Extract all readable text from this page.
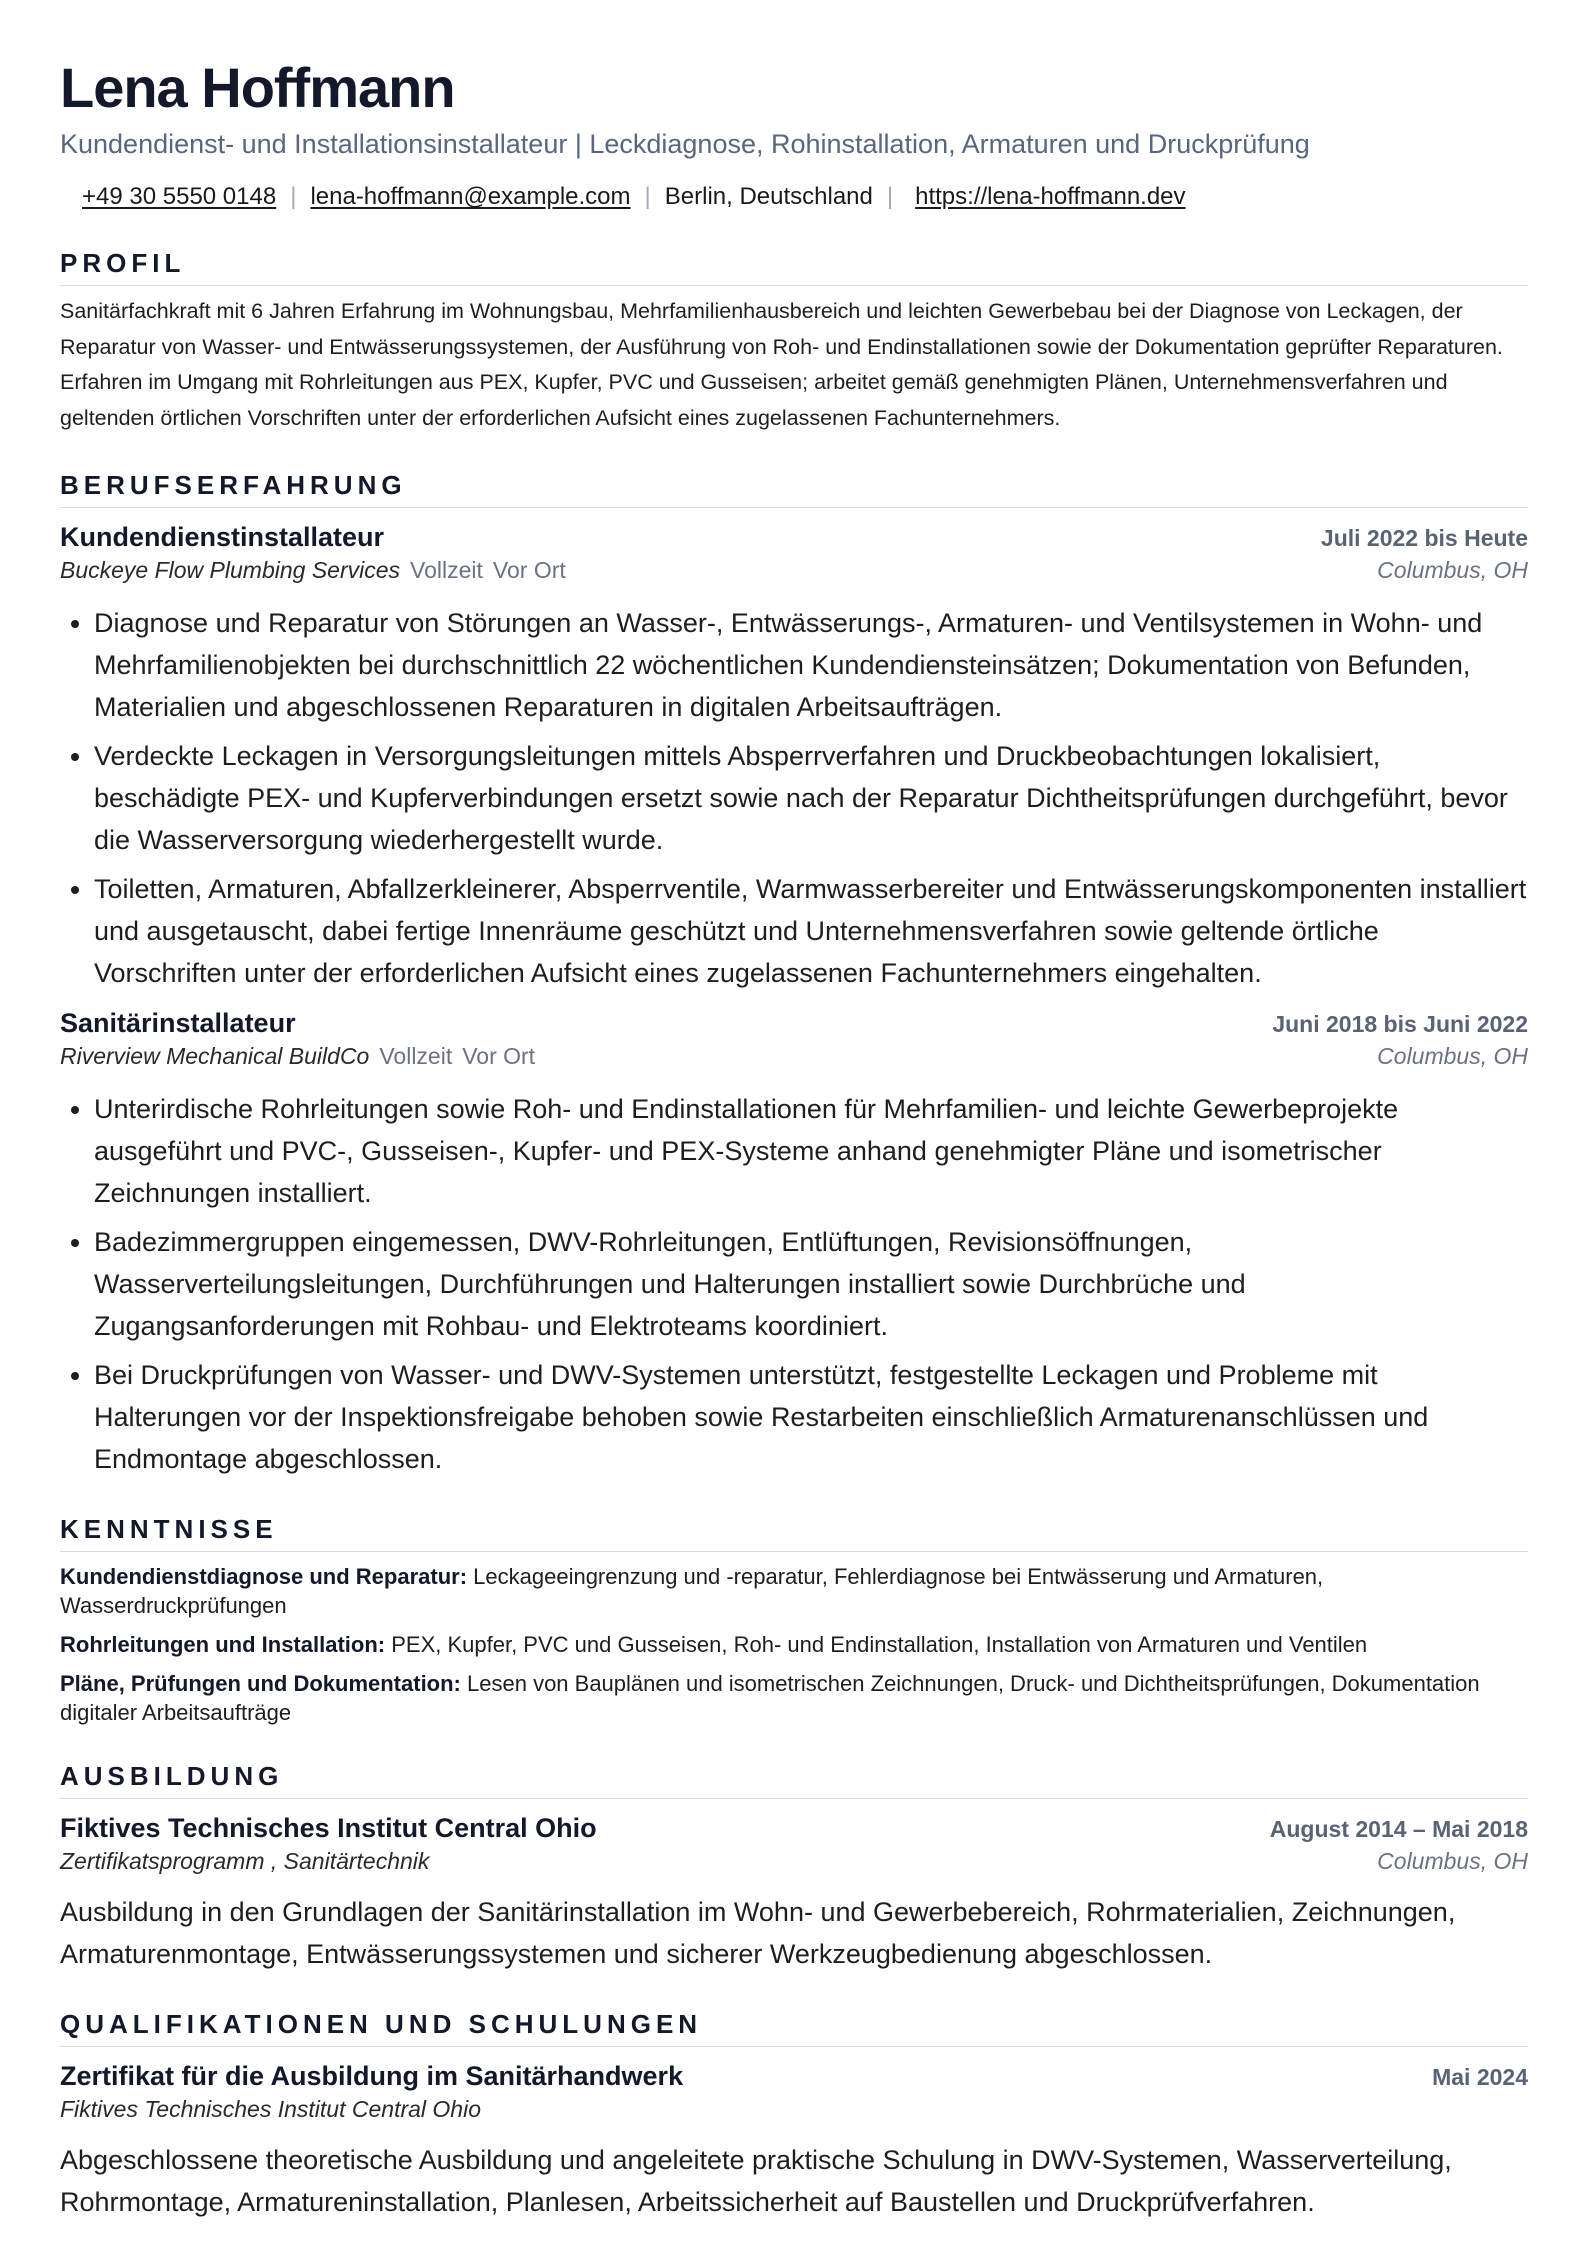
Lena Hoffmann
Kundendienst- und Installationsinstallateur | Leckdiagnose, Rohinstallation, Armaturen und Druckprüfung
+49 30 5550 0148 | lena-hoffmann@example.com | Berlin, Deutschland | https://lena-hoffmann.dev
PROFIL
Sanitärfachkraft mit 6 Jahren Erfahrung im Wohnungsbau, Mehrfamilienhausbereich und leichten Gewerbebau bei der Diagnose von Leckagen, der Reparatur von Wasser- und Entwässerungssystemen, der Ausführung von Roh- und Endinstallationen sowie der Dokumentation geprüfter Reparaturen. Erfahren im Umgang mit Rohrleitungen aus PEX, Kupfer, PVC und Gusseisen; arbeitet gemäß genehmigten Plänen, Unternehmensverfahren und geltenden örtlichen Vorschriften unter der erforderlichen Aufsicht eines zugelassenen Fachunternehmers.
BERUFSERFAHRUNG
Kundendienstinstallateur	Juli 2022 bis Heute
Buckeye Flow Plumbing Services Vollzeit Vor Ort	Columbus, OH
• Diagnose und Reparatur von Störungen an Wasser-, Entwässerungs-, Armaturen- und Ventilsystemen in Wohn- und Mehrfamilienobjekten bei durchschnittlich 22 wöchentlichen Kundendiensteinsätzen; Dokumentation von Befunden, Materialien und abgeschlossenen Reparaturen in digitalen Arbeitsaufträgen.
• Verdeckte Leckagen in Versorgungsleitungen mittels Absperrverfahren und Druckbeobachtungen lokalisiert, beschädigte PEX- und Kupferverbindungen ersetzt sowie nach der Reparatur Dichtheitsprüfungen durchgeführt, bevor die Wasserversorgung wiederhergestellt wurde.
• Toiletten, Armaturen, Abfallzerkleinerer, Absperrventile, Warmwasserbereiter und Entwässerungskomponenten installiert und ausgetauscht, dabei fertige Innenräume geschützt und Unternehmensverfahren sowie geltende örtliche Vorschriften unter der erforderlichen Aufsicht eines zugelassenen Fachunternehmers eingehalten.
Sanitärinstallateur	Juni 2018 bis Juni 2022
Riverview Mechanical BuildCo Vollzeit Vor Ort	Columbus, OH
• Unterirdische Rohrleitungen sowie Roh- und Endinstallationen für Mehrfamilien- und leichte Gewerbeprojekte ausgeführt und PVC-, Gusseisen-, Kupfer- und PEX-Systeme anhand genehmigter Pläne und isometrischer Zeichnungen installiert.
• Badezimmergruppen eingemessen, DWV-Rohrleitungen, Entlüftungen, Revisionsöffnungen, Wasserverteilungsleitungen, Durchführungen und Halterungen installiert sowie Durchbrüche und Zugangsanforderungen mit Rohbau- und Elektroteams koordiniert.
• Bei Druckprüfungen von Wasser- und DWV-Systemen unterstützt, festgestellte Leckagen und Probleme mit Halterungen vor der Inspektionsfreigabe behoben sowie Restarbeiten einschließlich Armaturenanschlüssen und Endmontage abgeschlossen.
KENNTNISSE
Kundendienstdiagnose und Reparatur: Leckageeingrenzung und -reparatur, Fehlerdiagnose bei Entwässerung und Armaturen, Wasserdruckprüfungen
Rohrleitungen und Installation: PEX, Kupfer, PVC und Gusseisen, Roh- und Endinstallation, Installation von Armaturen und Ventilen
Pläne, Prüfungen und Dokumentation: Lesen von Bauplänen und isometrischen Zeichnungen, Druck- und Dichtheitsprüfungen, Dokumentation digitaler Arbeitsaufträge
AUSBILDUNG
Fiktives Technisches Institut Central Ohio	August 2014 – Mai 2018
Zertifikatsprogramm , Sanitärtechnik	Columbus, OH
Ausbildung in den Grundlagen der Sanitärinstallation im Wohn- und Gewerbebereich, Rohrmaterialien, Zeichnungen, Armaturenmontage, Entwässerungssystemen und sicherer Werkzeugbedienung abgeschlossen.
QUALIFIKATIONEN UND SCHULUNGEN
Zertifikat für die Ausbildung im Sanitärhandwerk	Mai 2024
Fiktives Technisches Institut Central Ohio
Abgeschlossene theoretische Ausbildung und angeleitete praktische Schulung in DWV-Systemen, Wasserverteilung, Rohrmontage, Armatureninstallation, Planlesen, Arbeitssicherheit auf Baustellen und Druckprüfverfahren.
